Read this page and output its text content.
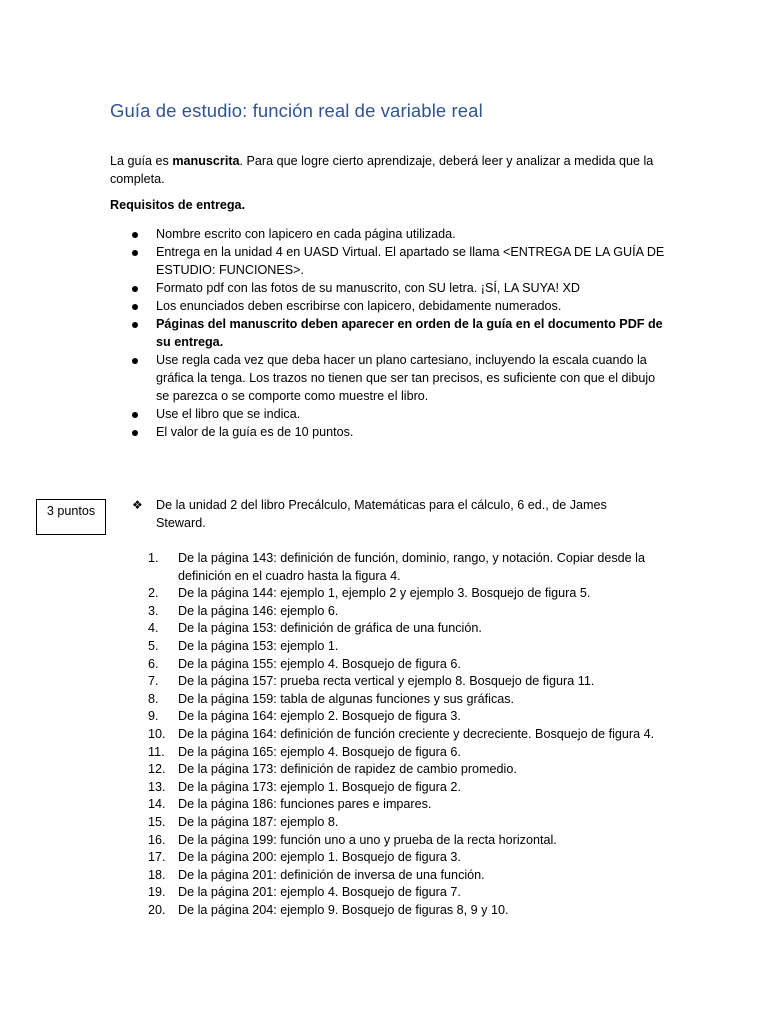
Guía de estudio: función real de variable real

La guía es manuscrita. Para que logre cierto aprendizaje, deberá leer y analizar a medida que la completa.

Requisitos de entrega.

Nombre escrito con lapicero en cada página utilizada.
Entrega en la unidad 4 en UASD Virtual. El apartado se llama <ENTREGA DE LA GUÍA DE ESTUDIO: FUNCIONES>.
Formato pdf con las fotos de su manuscrito, con SU letra. ¡SÍ, LA SUYA! XD
Los enunciados deben escribirse con lapicero, debidamente numerados.
Páginas del manuscrito deben aparecer en orden de la guía en el documento PDF de su entrega.
Use regla cada vez que deba hacer un plano cartesiano, incluyendo la escala cuando la gráfica la tenga. Los trazos no tienen que ser tan precisos, es suficiente con que el dibujo se parezca o se comporte como muestre el libro.
Use el libro que se indica.
El valor de la guía es de 10 puntos.
3 puntos	❖	De la unidad 2 del libro Precálculo, Matemáticas para el cálculo, 6 ed., de James Steward.
1.	De la página 143: definición de función, dominio, rango, y notación. Copiar desde la definición en el cuadro hasta la figura 4.
2.	De la página 144: ejemplo 1, ejemplo 2 y ejemplo 3. Bosquejo de figura 5.
3.	De la página 146: ejemplo 6.
4.	De la página 153: definición de gráfica de una función.
5.	De la página 153: ejemplo 1.
6.	De la página 155: ejemplo 4. Bosquejo de figura 6.
7.	De la página 157: prueba recta vertical y ejemplo 8. Bosquejo de figura 11.
8.	De la página 159: tabla de algunas funciones y sus gráficas.
9.	De la página 164: ejemplo 2. Bosquejo de figura 3.
10. De la página 164: definición de función creciente y decreciente. Bosquejo de figura 4.
11.	De la página 165: ejemplo 4. Bosquejo de figura 6.
12. De la página 173: definición de rapidez de cambio promedio.
13. De la página 173: ejemplo 1. Bosquejo de figura 2.
14. De la página 186: funciones pares e impares.
15. De la página 187: ejemplo 8.
16. De la página 199: función uno a uno y prueba de la recta horizontal.
17. De la página 200: ejemplo 1. Bosquejo de figura 3.
18. De la página 201: definición de inversa de una función.
19. De la página 201: ejemplo 4. Bosquejo de figura 7.
20. De la página 204: ejemplo 9. Bosquejo de figuras 8, 9 y 10.
